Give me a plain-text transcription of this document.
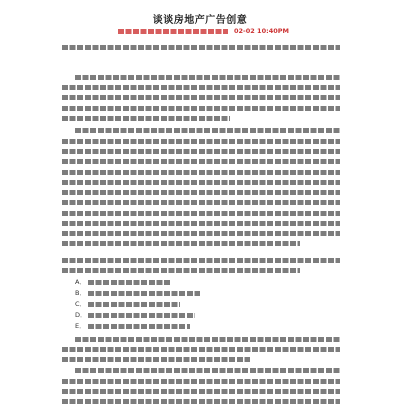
谈谈房地产广告创意
02-02 10:40PM
A．
B．
C．
D．
E．
